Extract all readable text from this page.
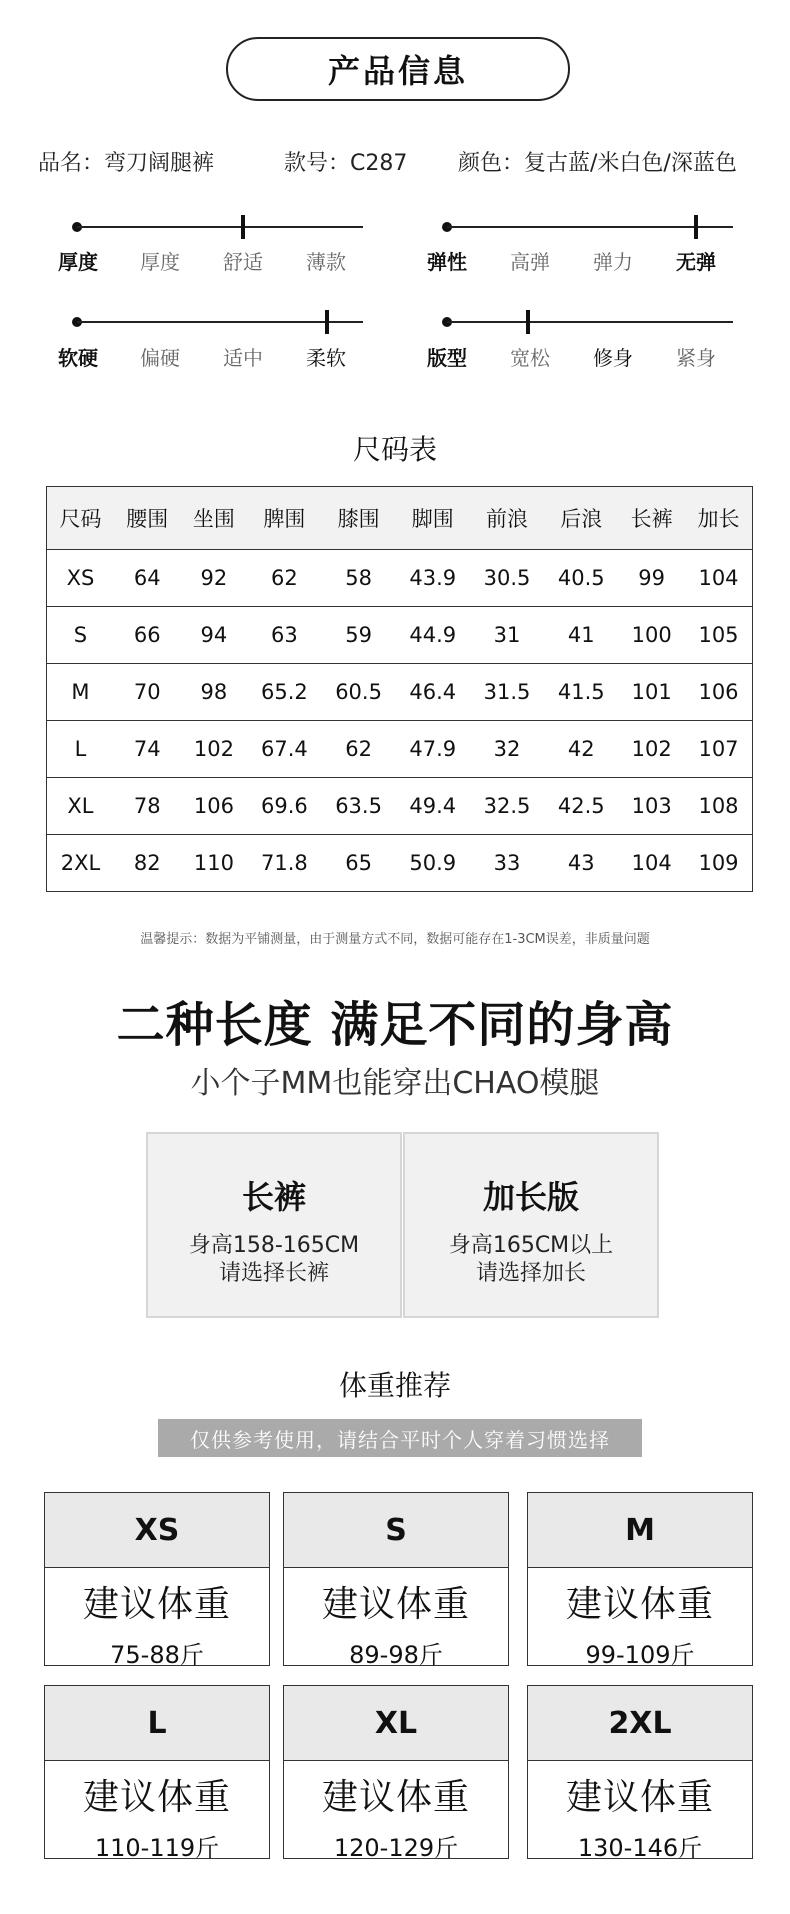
产品信息
品名：弯刀阔腿裤	款号：C287 颜色：复古蓝/米白色/深蓝色
厚度	厚度	舒适	薄款	弹性	高弹	弹力	无弹
软硬	偏硬	适中	柔软	版型	宽松	修身	紧身
尺码表
尺码	腰围	坐围	脾围	膝围	脚围	前浪	后浪	长裤	加长
XS	64	92	62	58	43.9	30.5	40.5	99	104
S	66	94	63	59	44.9	31	41	100	105
M	70	98	65.2	60.5	46.4	31.5	41.5	101	106
L	74	102	67.4	62	47.9	32	42	102	107
XL	78	106	69.6	63.5	49.4	32.5	42.5	103	108
2XL	82	110	71.8	65	50.9	33	43	104	109
温馨提示：数据为平铺测量，由于测量方式不同，数据可能存在1-3CM误差，非质量问题
二种长度 满足不同的身高
小个子MM也能穿出CHAO模腿
长裤
身高158-165CM
请选择长裤
加长版
身高165CM以上
请选择加长
体重推荐
仅供参考使用，请结合平时个人穿着习惯选择
XS
建议体重
75-88斤
S
建议体重
89-98斤
M
建议体重
99-109斤
L
建议体重
110-119斤
XL
建议体重
120-129斤
2XL
建议体重
130-146斤
